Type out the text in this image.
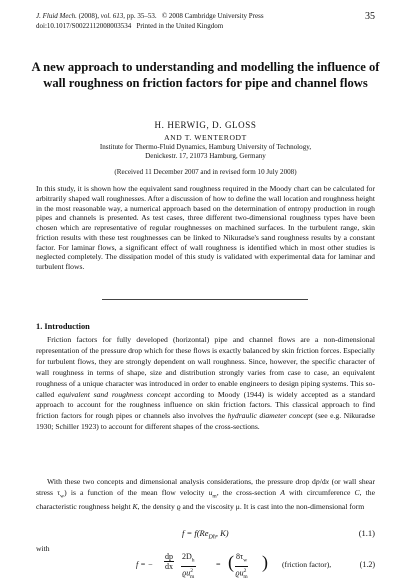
J. Fluid Mech. (2008), vol. 613, pp. 35–53. © 2008 Cambridge University Press
doi:10.1017/S0022112008003534 Printed in the United Kingdom
35
A new approach to understanding and modelling the influence of wall roughness on friction factors for pipe and channel flows
H. HERWIG, D. GLOSS
AND T. WENTERODT
Institute for Thermo-Fluid Dynamics, Hamburg University of Technology,
Denickestr. 17, 21073 Hamburg, Germany
(Received 11 December 2007 and in revised form 10 July 2008)
In this study, it is shown how the equivalent sand roughness required in the Moody chart can be calculated for arbitrarily shaped wall roughnesses. After a discussion of how to define the wall location and roughness height in the most reasonable way, a numerical approach based on the determination of entropy production in rough pipes and channels is presented. As test cases, three different two-dimensional roughness types have been chosen which are representative of regular roughnesses on machined surfaces. In the turbulent range, skin friction results with these test roughnesses can be linked to Nikuradse's sand roughness results by a constant factor. For laminar flows, a significant effect of wall roughness is identified which in most other studies is neglected completely. The dissipation model of this study is validated with experimental data for laminar and turbulent flows.
1. Introduction
Friction factors for fully developed (horizontal) pipe and channel flows are a non-dimensional representation of the pressure drop which for these flows is exactly balanced by skin friction forces. Especially for turbulent flows, they are strongly dependent on wall roughness. Since, however, the specific character of wall roughness in terms of shape, size and distribution strongly varies from case to case, an equivalent roughness of a unique character was introduced in order to enable engineers to design piping systems. This so-called equivalent sand roughness concept according to Moody (1944) is widely accepted as a standard approach to account for the roughness influence on skin friction factors. This classical approach to find friction factors for rough pipes or channels also involves the hydraulic diameter concept (see e.g. Nikuradse 1930; Schiller 1923) to account for different shapes of the cross-sections.
With these two concepts and dimensional analysis considerations, the pressure drop dp/dx (or wall shear stress $\tau_w$) is a function of the mean flow velocity $u_m$, the cross-section A with circumference C, the characteristic roughness height K, the density ϱ and the viscosity μ. It is cast into the non-dimensional form
$f = f(Re_{Dh}$, K)	(1.1)
with
f = − $\frac{dp}{dx} \frac{2D_h}{ϱu^2_m}$	= ( $\frac{8\tau_w}{ϱu^2_m}$ ) (friction factor),	(1.2)
